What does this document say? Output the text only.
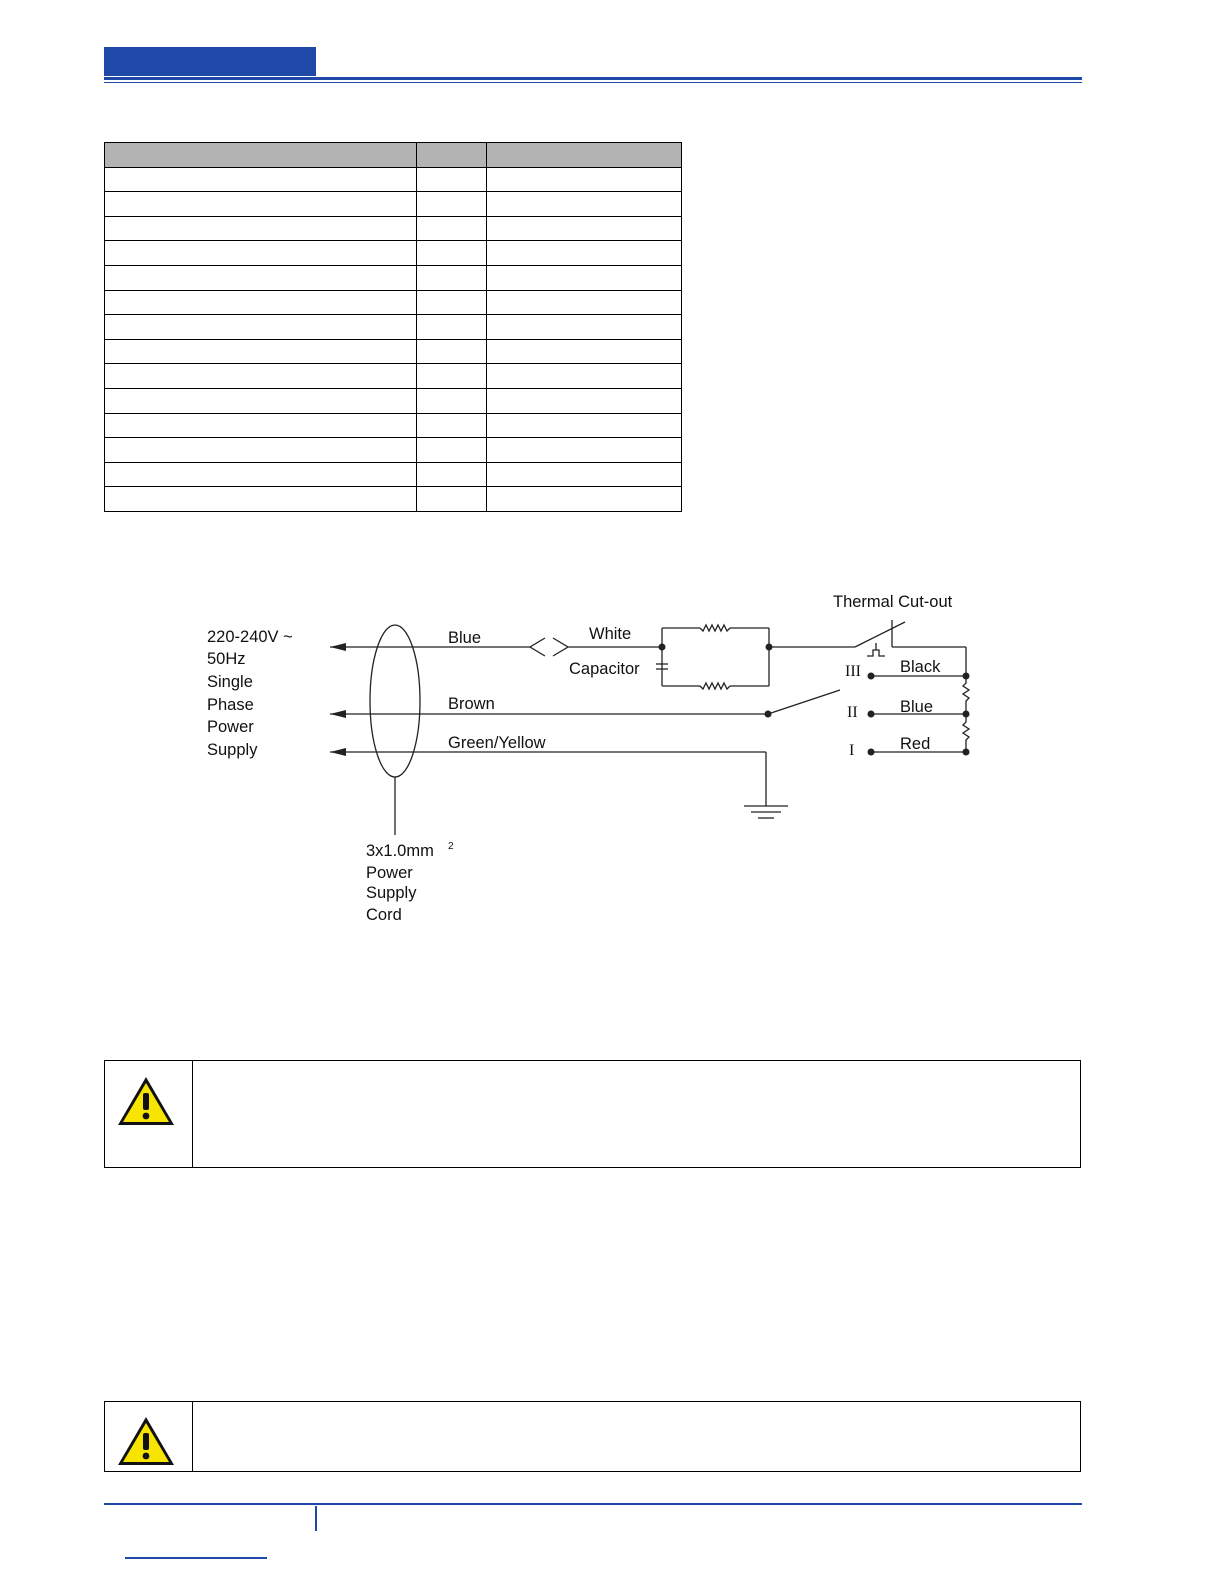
220-240V ~
50Hz
Single
Phase
Power
Supply
Blue
Brown
Green/Yellow
White
Capacitor
Thermal Cut-out
III
II
I
Black
Blue
Red
3x1.0mm 2
Power
Supply
Cord
